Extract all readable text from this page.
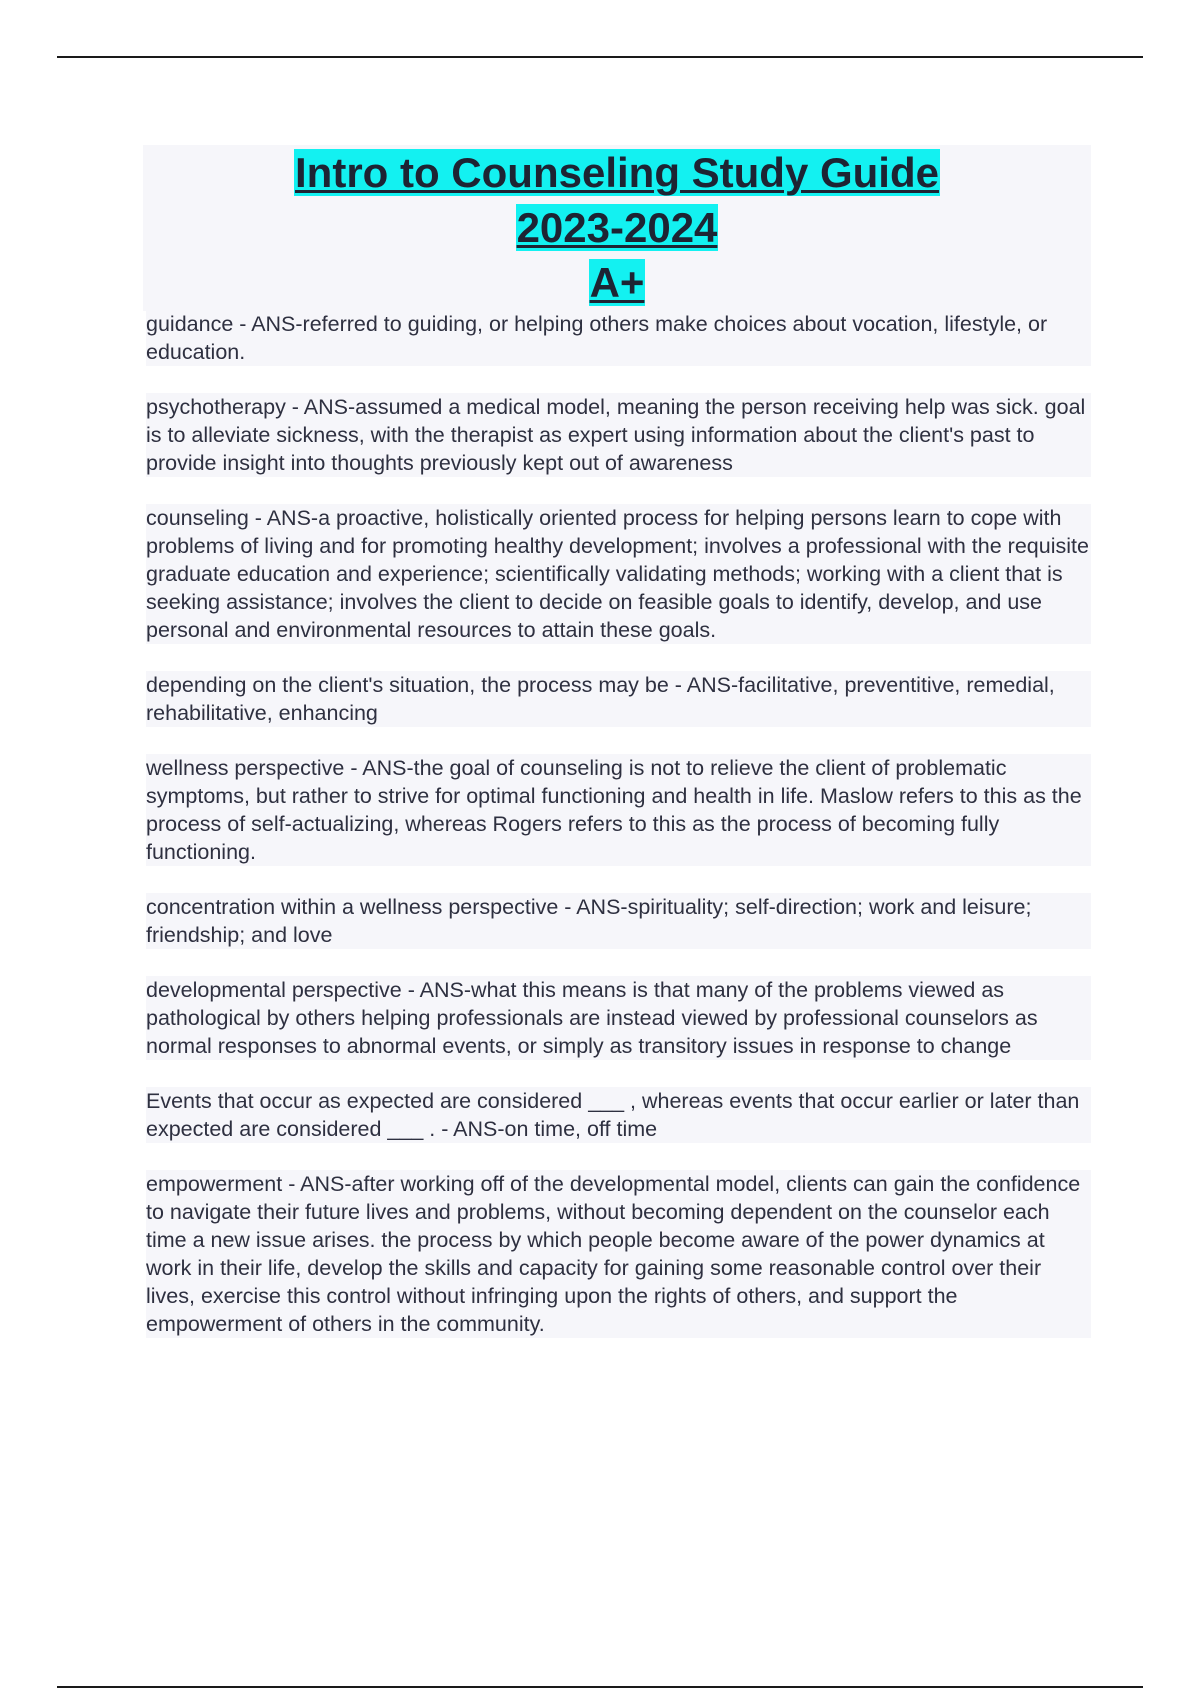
Intro to Counseling Study Guide
2023-2024
A+

guidance - ANS-referred to guiding, or helping others make choices about vocation, lifestyle, or education.

psychotherapy - ANS-assumed a medical model, meaning the person receiving help was sick. goal is to alleviate sickness, with the therapist as expert using information about the client's past to provide insight into thoughts previously kept out of awareness

counseling - ANS-a proactive, holistically oriented process for helping persons learn to cope with problems of living and for promoting healthy development; involves a professional with the requisite graduate education and experience; scientifically validating methods; working with a client that is seeking assistance; involves the client to decide on feasible goals to identify, develop, and use personal and environmental resources to attain these goals.

depending on the client's situation, the process may be - ANS-facilitative, preventitive, remedial, rehabilitative, enhancing

wellness perspective - ANS-the goal of counseling is not to relieve the client of problematic symptoms, but rather to strive for optimal functioning and health in life. Maslow refers to this as the process of self-actualizing, whereas Rogers refers to this as the process of becoming fully functioning.

concentration within a wellness perspective - ANS-spirituality; self-direction; work and leisure; friendship; and love

developmental perspective - ANS-what this means is that many of the problems viewed as pathological by others helping professionals are instead viewed by professional counselors as normal responses to abnormal events, or simply as transitory issues in response to change

Events that occur as expected are considered ___ , whereas events that occur earlier or later than expected are considered ___ . - ANS-on time, off time

empowerment - ANS-after working off of the developmental model, clients can gain the confidence to navigate their future lives and problems, without becoming dependent on the counselor each time a new issue arises. the process by which people become aware of the power dynamics at work in their life, develop the skills and capacity for gaining some reasonable control over their lives, exercise this control without infringing upon the rights of others, and support the empowerment of others in the community.
